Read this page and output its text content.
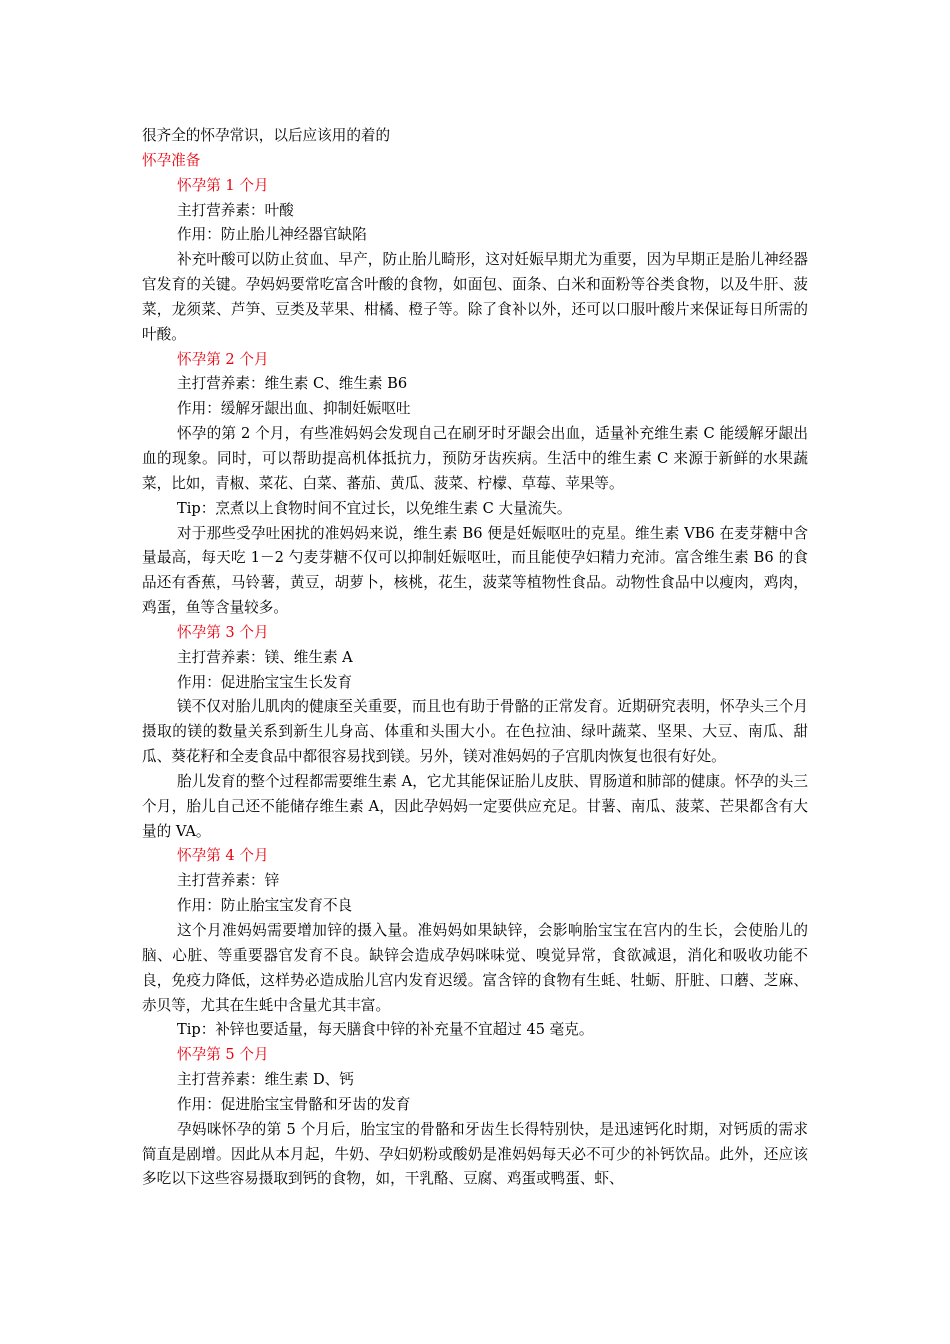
很齐全的怀孕常识，以后应该用的着的
怀孕准备
怀孕第 1 个月
主打营养素：叶酸
作用：防止胎儿神经器官缺陷

补充叶酸可以防止贫血、早产，防止胎儿畸形，这对妊娠早期尤为重要，因为早期正是胎儿神经器官发育的关键。孕妈妈要常吃富含叶酸的食物，如面包、面条、白米和面粉等谷类食物，以及牛肝、菠菜，龙须菜、芦笋、豆类及苹果、柑橘、橙子等。除了食补以外，还可以口服叶酸片来保证每日所需的叶酸。

怀孕第 2 个月
主打营养素：维生素 C、维生素 B6
作用：缓解牙龈出血、抑制妊娠呕吐

怀孕的第 2 个月，有些准妈妈会发现自己在刷牙时牙龈会出血，适量补充维生素 C 能缓解牙龈出血的现象。同时，可以帮助提高机体抵抗力，预防牙齿疾病。生活中的维生素 C 来源于新鲜的水果蔬菜，比如，青椒、菜花、白菜、蕃茄、黄瓜、菠菜、柠檬、草莓、苹果等。

Tip：烹煮以上食物时间不宜过长，以免维生素 C 大量流失。

对于那些受孕吐困扰的准妈妈来说，维生素 B6 便是妊娠呕吐的克星。维生素 VB6 在麦芽糖中含量最高，每天吃 1－2 勺麦芽糖不仅可以抑制妊娠呕吐，而且能使孕妇精力充沛。富含维生素 B6 的食品还有香蕉，马铃薯，黄豆，胡萝卜，核桃，花生，菠菜等植物性食品。动物性食品中以瘦肉，鸡肉，鸡蛋，鱼等含量较多。

怀孕第 3 个月
主打营养素：镁、维生素 A
作用：促进胎宝宝生长发育

镁不仅对胎儿肌肉的健康至关重要，而且也有助于骨骼的正常发育。近期研究表明，怀孕头三个月摄取的镁的数量关系到新生儿身高、体重和头围大小。在色拉油、绿叶蔬菜、坚果、大豆、南瓜、甜瓜、葵花籽和全麦食品中都很容易找到镁。另外，镁对准妈妈的子宫肌肉恢复也很有好处。

胎儿发育的整个过程都需要维生素 A，它尤其能保证胎儿皮肤、胃肠道和肺部的健康。怀孕的头三个月，胎儿自己还不能储存维生素 A，因此孕妈妈一定要供应充足。甘薯、南瓜、菠菜、芒果都含有大量的 VA。

怀孕第 4 个月
主打营养素：锌
作用：防止胎宝宝发育不良

这个月准妈妈需要增加锌的摄入量。准妈妈如果缺锌，会影响胎宝宝在宫内的生长，会使胎儿的脑、心脏、等重要器官发育不良。缺锌会造成孕妈咪味觉、嗅觉异常，食欲减退，消化和吸收功能不良，免疫力降低，这样势必造成胎儿宫内发育迟缓。富含锌的食物有生蚝、牡蛎、肝脏、口蘑、芝麻、赤贝等，尤其在生蚝中含量尤其丰富。

Tip：补锌也要适量，每天膳食中锌的补充量不宜超过 45 毫克。

怀孕第 5 个月
主打营养素：维生素 D、钙
作用：促进胎宝宝骨骼和牙齿的发育

孕妈咪怀孕的第 5 个月后，胎宝宝的骨骼和牙齿生长得特别快，是迅速钙化时期，对钙质的需求简直是剧增。因此从本月起，牛奶、孕妇奶粉或酸奶是准妈妈每天必不可少的补钙饮品。此外，还应该多吃以下这些容易摄取到钙的食物，如，干乳酪、豆腐、鸡蛋或鸭蛋、虾、
